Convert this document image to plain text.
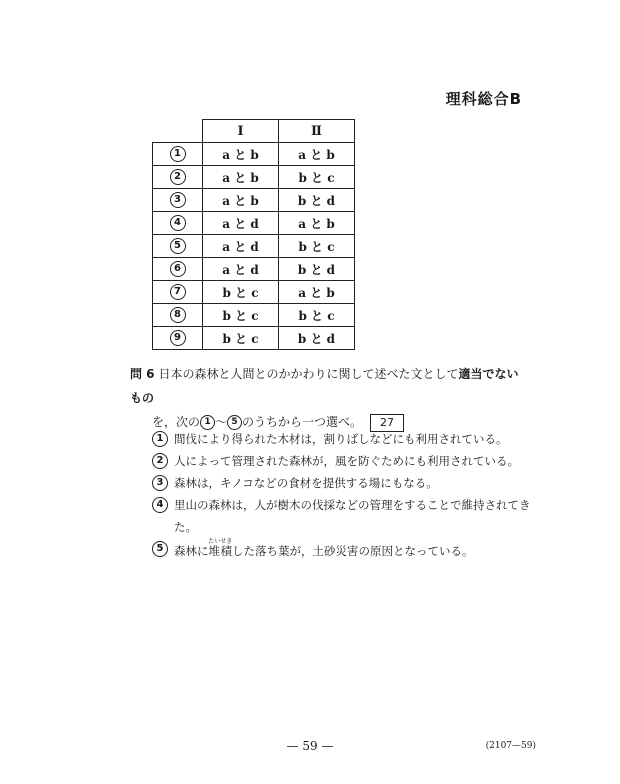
理科総合B
	Ⅰ	Ⅱ
1	a と b	a と b
2	a と b	b と c
3	a と b	b と d
4	a と d	a と b
5	a と d	b と c
6	a と d	b と d
7	b と c	a と b
8	b と c	b と c
9	b と c	b と d
問 6 日本の森林と人間とのかかわりに関して述べた文として適当でないもの
を，次の 1 ～ 5 のうちから一つ選べ。 27
1 間伐により得られた木材は，割りばしなどにも利用されている。
2 人によって管理された森林が，風を防ぐためにも利用されている。
3 森林は，キノコなどの食材を提供する場にもなる。
4 里山の森林は，人が樹木の伐採などの管理をすることで維持されてきた。
5 森林に堆積たいせきした落ち葉が，土砂災害の原因となっている。
— 59 —	(2107—59)
